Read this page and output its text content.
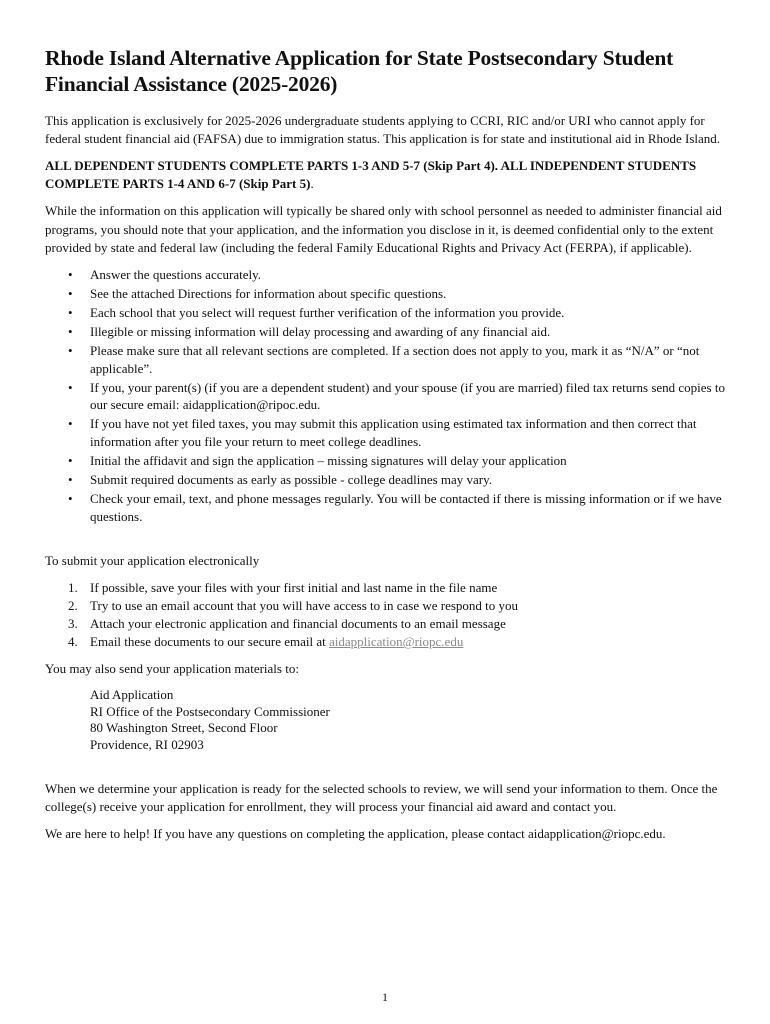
Rhode Island Alternative Application for State Postsecondary Student Financial Assistance (2025-2026)

This application is exclusively for 2025-2026 undergraduate students applying to CCRI, RIC and/or URI who cannot apply for federal student financial aid (FAFSA) due to immigration status. This application is for state and institutional aid in Rhode Island.

ALL DEPENDENT STUDENTS COMPLETE PARTS 1-3 AND 5-7 (Skip Part 4). ALL INDEPENDENT STUDENTS COMPLETE PARTS 1-4 AND 6-7 (Skip Part 5).

While the information on this application will typically be shared only with school personnel as needed to administer financial aid programs, you should note that your application, and the information you disclose in it, is deemed confidential only to the extent provided by state and federal law (including the federal Family Educational Rights and Privacy Act (FERPA), if applicable).

• Answer the questions accurately.
• See the attached Directions for information about specific questions.
• Each school that you select will request further verification of the information you provide.
• Illegible or missing information will delay processing and awarding of any financial aid.
• Please make sure that all relevant sections are completed. If a section does not apply to you, mark it as “N/A” or “not applicable”.
• If you, your parent(s) (if you are a dependent student) and your spouse (if you are married) filed tax returns send copies to our secure email: aidapplication@ripoc.edu.
• If you have not yet filed taxes, you may submit this application using estimated tax information and then correct that information after you file your return to meet college deadlines.
• Initial the affidavit and sign the application – missing signatures will delay your application
• Submit required documents as early as possible - college deadlines may vary.
• Check your email, text, and phone messages regularly. You will be contacted if there is missing information or if we have questions.

To submit your application electronically

1. If possible, save your files with your first initial and last name in the file name
2. Try to use an email account that you will have access to in case we respond to you
3. Attach your electronic application and financial documents to an email message
4. Email these documents to our secure email at aidapplication@riopc.edu

You may also send your application materials to:

Aid Application
RI Office of the Postsecondary Commissioner
80 Washington Street, Second Floor
Providence, RI 02903

When we determine your application is ready for the selected schools to review, we will send your information to them. Once the college(s) receive your application for enrollment, they will process your financial aid award and contact you.

We are here to help! If you have any questions on completing the application, please contact aidapplication@riopc.edu.

1
